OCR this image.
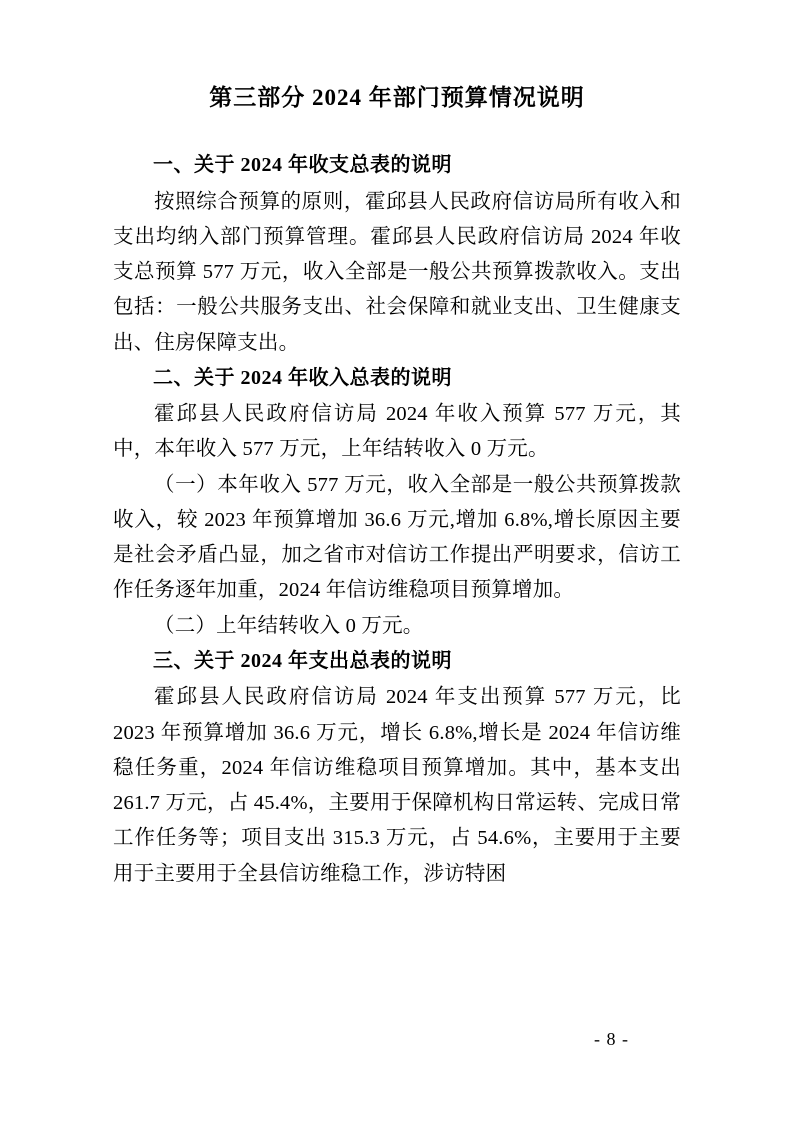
第三部分 2024 年部门预算情况说明
一、关于 2024 年收支总表的说明

按照综合预算的原则，霍邱县人民政府信访局所有收入和支出均纳入部门预算管理。霍邱县人民政府信访局 2024 年收支总预算 577 万元，收入全部是一般公共预算拨款收入。支出包括：一般公共服务支出、社会保障和就业支出、卫生健康支出、住房保障支出。

二、关于 2024 年收入总表的说明

霍邱县人民政府信访局 2024 年收入预算 577 万元，其中，本年收入 577 万元，上年结转收入 0 万元。

（一）本年收入 577 万元，收入全部是一般公共预算拨款收入，较 2023 年预算增加 36.6 万元,增加 6.8%,增长原因主要是社会矛盾凸显，加之省市对信访工作提出严明要求，信访工作任务逐年加重，2024 年信访维稳项目预算增加。

（二）上年结转收入 0 万元。

三、关于 2024 年支出总表的说明

霍邱县人民政府信访局 2024 年支出预算 577 万元，比 2023 年预算增加 36.6 万元，增长 6.8%,增长是 2024 年信访维稳任务重，2024 年信访维稳项目预算增加。其中，基本支出 261.7 万元，占 45.4%，主要用于保障机构日常运转、完成日常工作任务等；项目支出 315.3 万元，占 54.6%，主要用于主要用于主要用于全县信访维稳工作，涉访特困

- 8 -
